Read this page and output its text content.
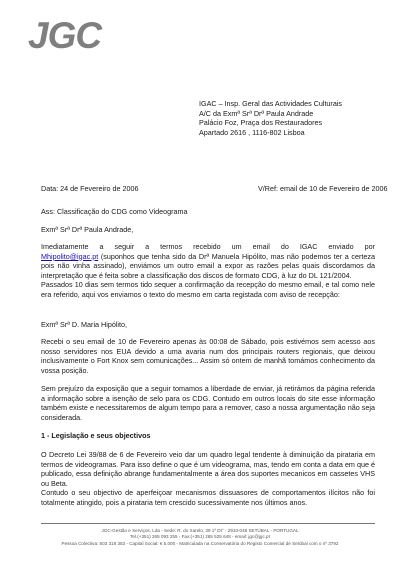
JGC
IGAC – Insp. Geral das Actividades Culturais
A/C da Exmª Srª Drª Paula Andrade
Palácio Foz, Praça dos Restauradores
Apartado 2616 , 1116-802 Lisboa
Data: 24 de Fevereiro de 2006	V/Ref: email de 10 de Fevereiro de 2006

Ass: Classificação do CDG como Videograma

Exmª Srª Drª Paula Andrade,

Imediatamente a seguir a termos recebido um email do IGAC enviado por

Mhipolito@igac.pt (suponhos que tenha sido da Drª Manuela Hipólito, mas não podemos ter a certeza pois não vinha assinado), enviámos um outro email a expor as razões pelas quais discordamos da interpretação que é feita sobre a classificação dos discos de formato CDG, à luz do DL 121/2004.

Passados 10 dias sem termos tido sequer a confirmação da recepção do mesmo email, e tal como nele era referido, aqui vos enviamos o texto do mesmo em carta registada com aviso de recepção:

Exmª Srª D. Maria Hipólito,

Recebi o seu email de 10 de Fevereiro apenas às 00:08 de Sábado, pois estivémos sem acesso aos nosso servidores nos EUA devido a uma avaria num dos principais routers regionais, que deixou inclusivamente o Fort Knox sem comunicações... Assim só ontem de manhã tomámos conhecimento da vossa posição.

Sem prejuízo da exposição que a seguir tomamos a liberdade de enviar, já retirámos da página referida a informação sobre a isenção de selo para os CDG. Contudo em outros locais do site esse informação também existe e necessitaremos de algum tempo para a remover, caso a nossa argumentação não seja considerada.

1 - Legislação e seus objectivos

O Decreto Lei 39/88 de 6 de Fevereiro veio dar um quadro legal tendente à diminuição da pirataria em termos de videogramas. Para isso define o que é um videograma, mas, tendo em conta a data em que é publicado, essa definição abrange fundamentalmente a área dos suportes mecanicos em cassetes VHS ou Beta.

Contudo o seu objectivo de aperfeiçoar mecanismos dissuasores de comportamentos ilícitos não foi totalmente atingido, pois a pirataria tem crescido sucessivamente nos últimos anos.

JGC-Gestão e Serviços, Lda - Sede: R. do Xarelo, 39 1º Dt° - 2910-048 SETÚBAL - PORTUGAL
Tel.(+351) 265 093 255 - Fax:(+351) 265 525 648 - email: jgc@jgc.pt
Pessoa Colectiva: 503 318 353 - Capital Social: € 5.000 - Matriculada na Conservatória do Registo Comercial de Setúbal com o nº 3792
